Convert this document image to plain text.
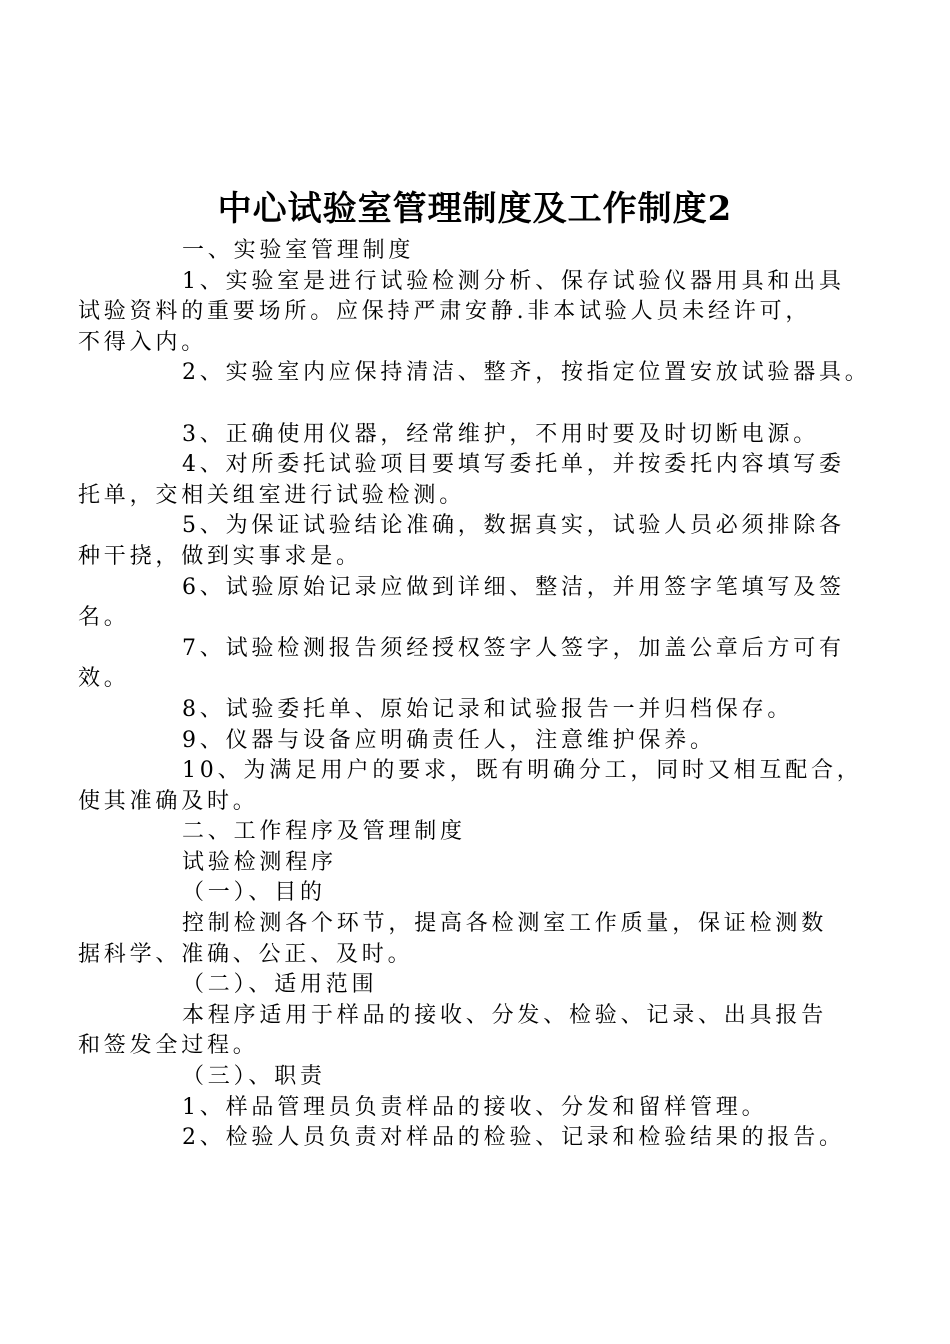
中心试验室管理制度及工作制度2

一、实验室管理制度

1、实验室是进行试验检测分析、保存试验仪器用具和出具
试验资料的重要场所。应保持严肃安静.非本试验人员未经许可，
不得入内。

2、实验室内应保持清洁、整齐，按指定位置安放试验器具。

3、正确使用仪器，经常维护，不用时要及时切断电源。

4、对所委托试验项目要填写委托单，并按委托内容填写委
托单，交相关组室进行试验检测。

5、为保证试验结论准确，数据真实，试验人员必须排除各
种干挠，做到实事求是。

6、试验原始记录应做到详细、整洁，并用签字笔填写及签
名。

7、试验检测报告须经授权签字人签字，加盖公章后方可有
效。

8、试验委托单、原始记录和试验报告一并归档保存。

9、仪器与设备应明确责任人，注意维护保养。

10、为满足用户的要求，既有明确分工，同时又相互配合，
使其准确及时。

二、工作程序及管理制度

试验检测程序

（一）、目的

控制检测各个环节，提高各检测室工作质量，保证检测数
据科学、准确、公正、及时。

（二）、适用范围

本程序适用于样品的接收、分发、检验、记录、出具报告
和签发全过程。

（三）、职责

1、样品管理员负责样品的接收、分发和留样管理。

2、检验人员负责对样品的检验、记录和检验结果的报告。
